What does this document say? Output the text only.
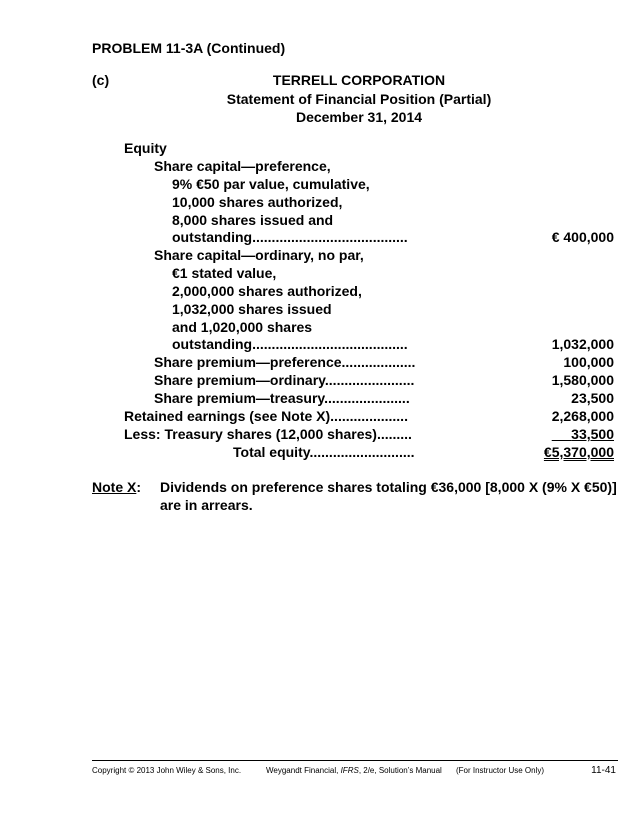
PROBLEM 11-3A (Continued)
(c)	TERRELL CORPORATION
Statement of Financial Position (Partial)
December 31, 2014
Equity
Share capital—preference,
9% €50 par value, cumulative,
10,000 shares authorized,
8,000 shares issued and
outstanding........................................	€ 400,000
Share capital—ordinary, no par,
€1 stated value,
2,000,000 shares authorized,
1,032,000 shares issued
and 1,020,000 shares
outstanding........................................	1,032,000
Share premium—preference...................	100,000
Share premium—ordinary.......................	1,580,000
Share premium—treasury......................	23,500
Retained earnings (see Note X)....................	2,268,000
Less: Treasury shares (12,000 shares).........	33,500
Total equity...........................	€5,370,000
Note X: Dividends on preference shares totaling €36,000 [8,000 X (9% X €50)]
are in arrears.
Copyright © 2013 John Wiley & Sons, Inc.	Weygandt Financial, IFRS, 2/e, Solution’s Manual (For Instructor Use Only)	11-41
